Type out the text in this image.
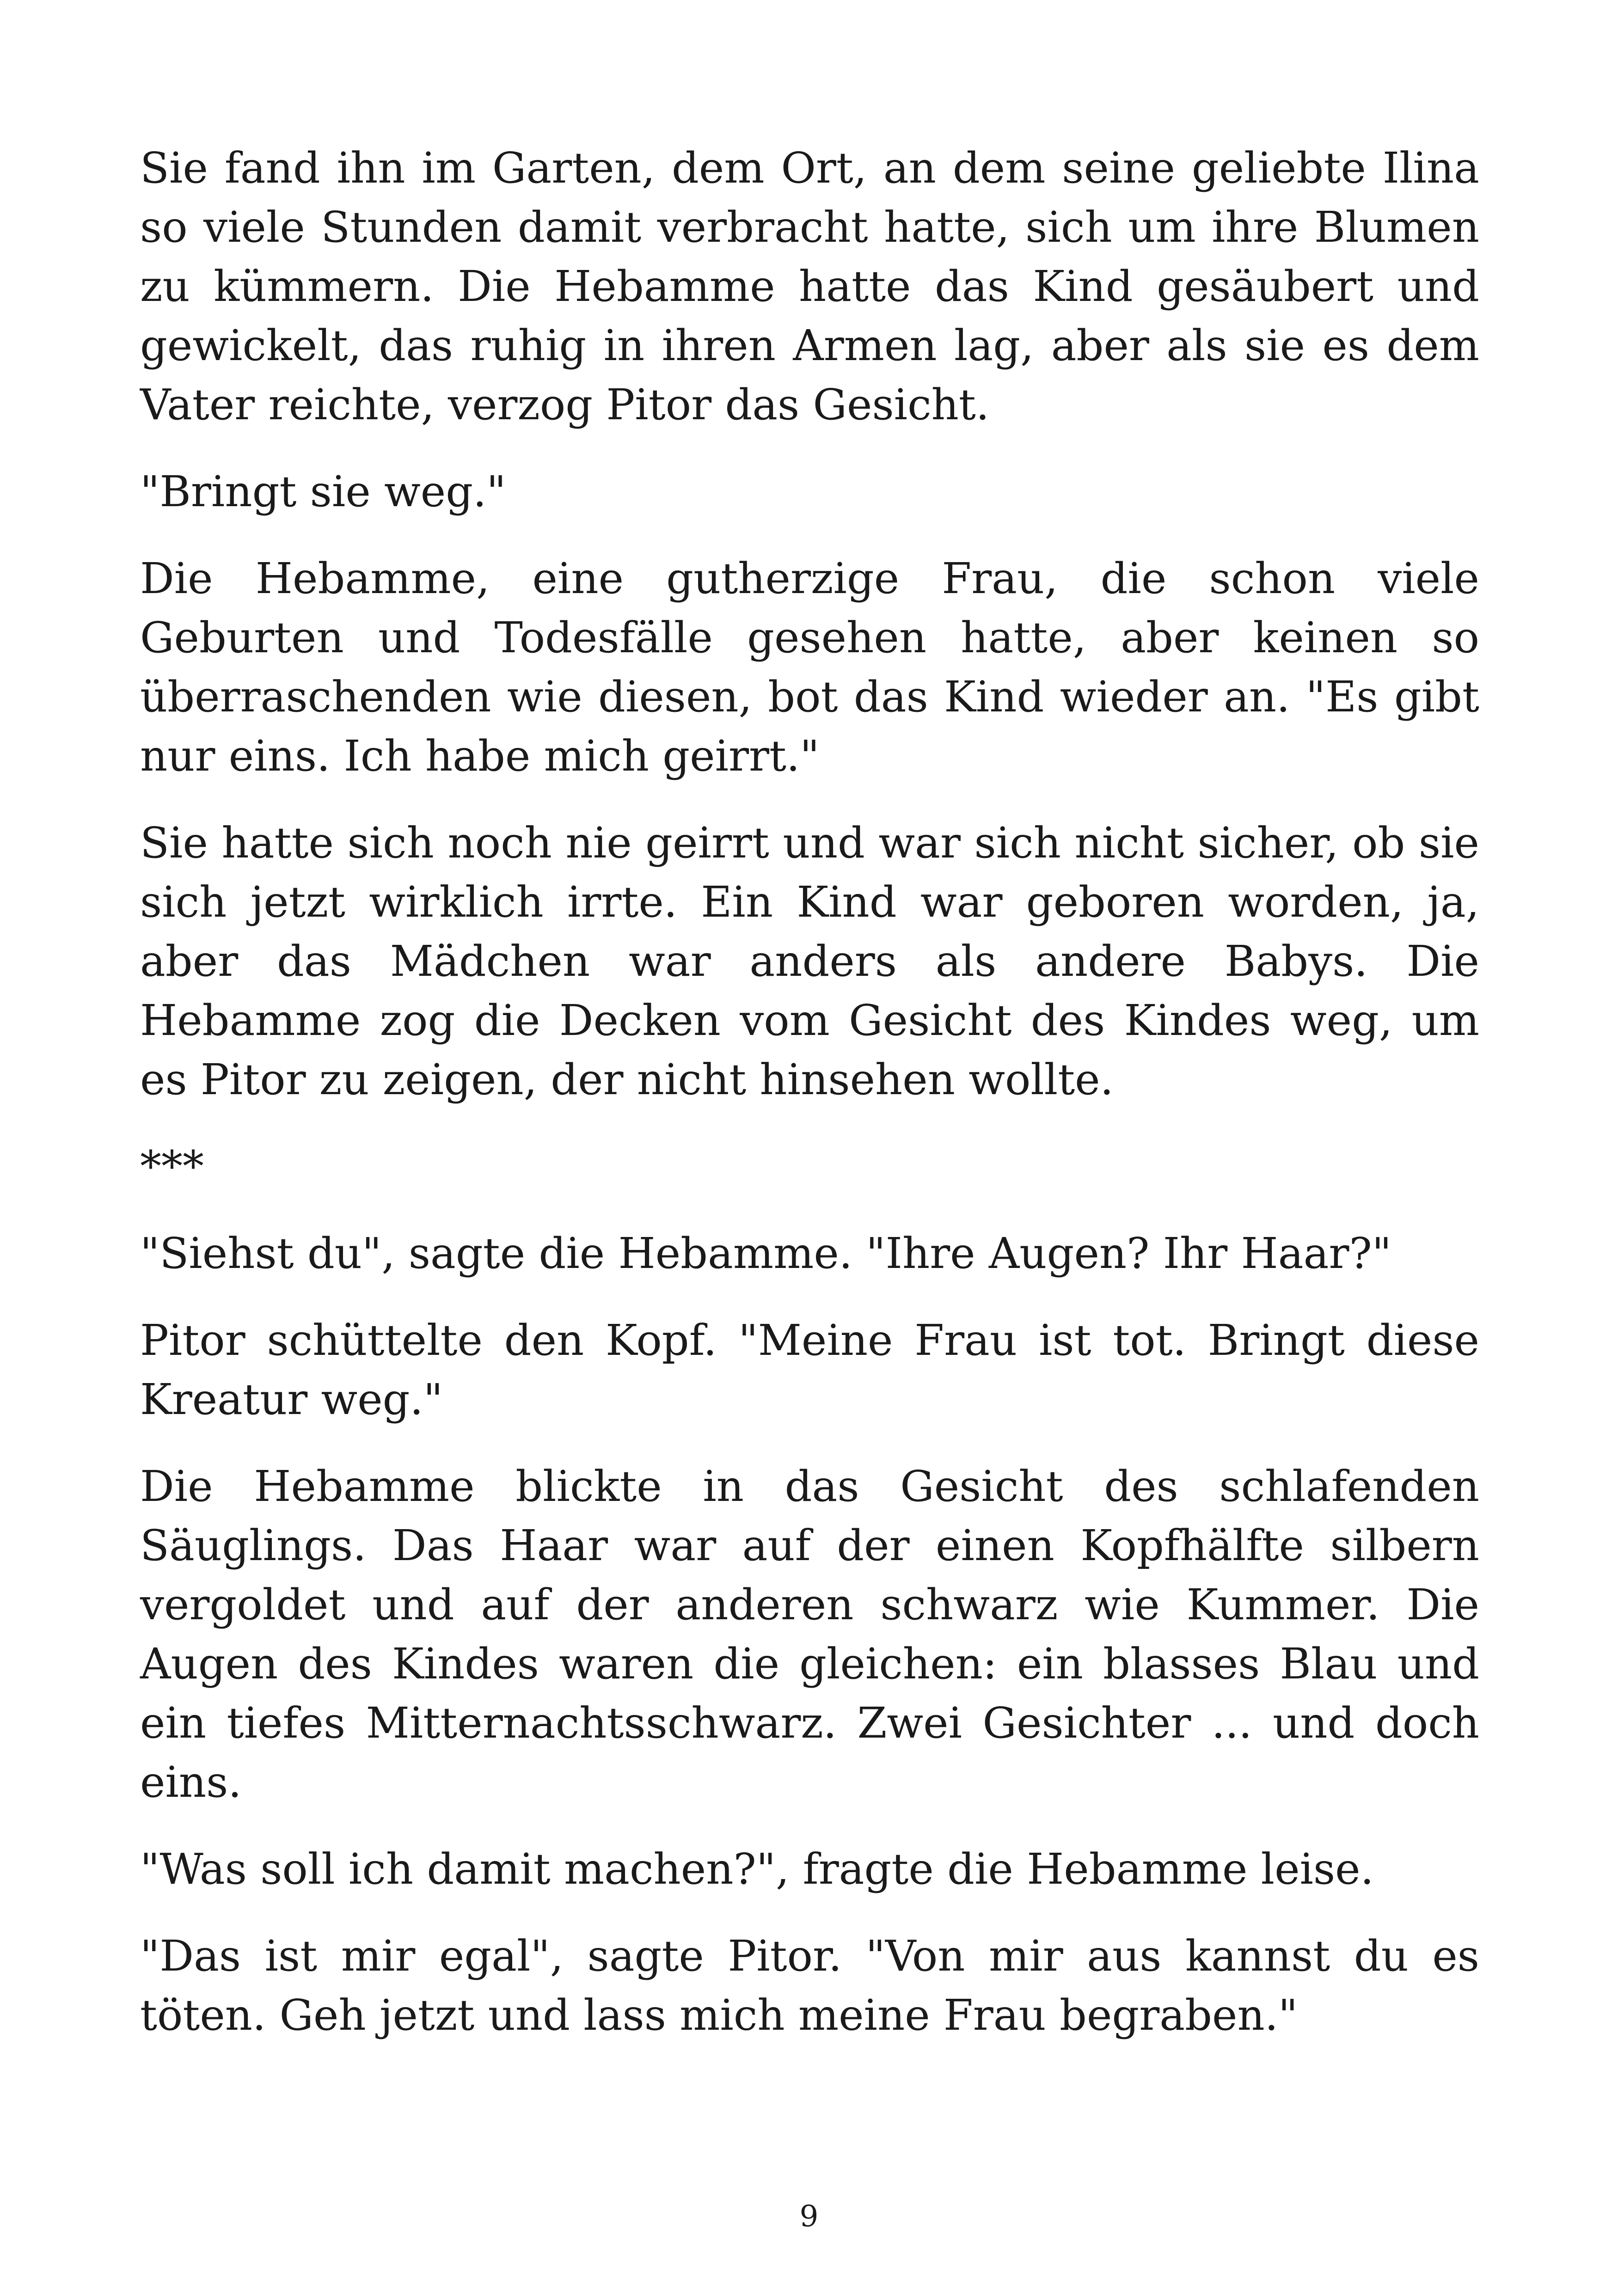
Sie fand ihn im Garten, dem Ort, an dem seine geliebte Ilina so viele Stunden damit verbracht hatte, sich um ihre Blumen zu kümmern. Die Hebamme hatte das Kind gesäubert und gewickelt, das ruhig in ihren Armen lag, aber als sie es dem Vater reichte, verzog Pitor das Gesicht.

"Bringt sie weg."

Die Hebamme, eine gutherzige Frau, die schon viele Geburten und Todesfälle gesehen hatte, aber keinen so überraschenden wie diesen, bot das Kind wieder an. "Es gibt nur eins. Ich habe mich geirrt."

Sie hatte sich noch nie geirrt und war sich nicht sicher, ob sie sich jetzt wirklich irrte. Ein Kind war geboren worden, ja, aber das Mädchen war anders als andere Babys. Die Hebamme zog die Decken vom Gesicht des Kindes weg, um es Pitor zu zeigen, der nicht hinsehen wollte.

***

"Siehst du", sagte die Hebamme. "Ihre Augen? Ihr Haar?"

Pitor schüttelte den Kopf. "Meine Frau ist tot. Bringt diese Kreatur weg."

Die Hebamme blickte in das Gesicht des schlafenden Säuglings. Das Haar war auf der einen Kopfhälfte silbern vergoldet und auf der anderen schwarz wie Kummer. Die Augen des Kindes waren die gleichen: ein blasses Blau und ein tiefes Mitternachtsschwarz. Zwei Gesichter ... und doch eins.

"Was soll ich damit machen?", fragte die Hebamme leise.

"Das ist mir egal", sagte Pitor. "Von mir aus kannst du es töten. Geh jetzt und lass mich meine Frau begraben."

9
